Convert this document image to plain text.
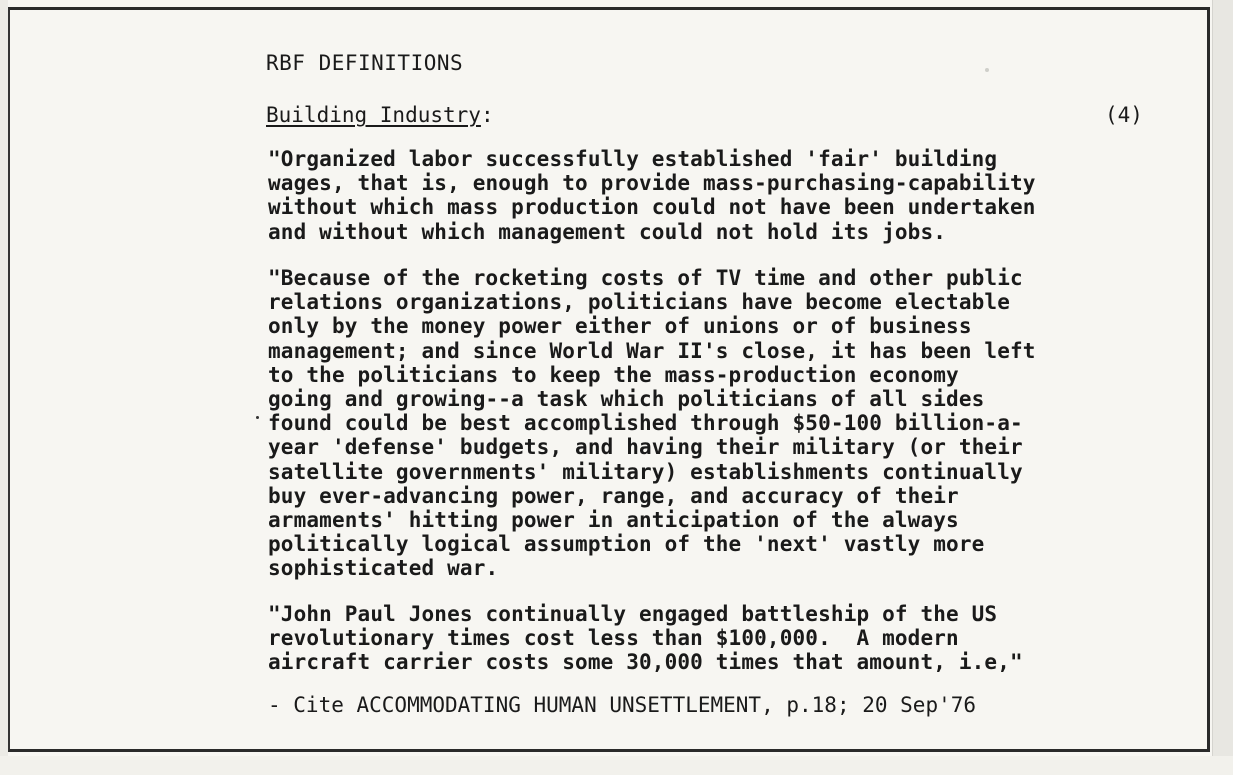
RBF DEFINITIONS
Building Industry:	(4)
"Organized labor successfully established 'fair' building
wages, that is, enough to provide mass-purchasing-capability
without which mass production could not have been undertaken
and without which management could not hold its jobs.
"Because of the rocketing costs of TV time and other public
relations organizations, politicians have become electable
only by the money power either of unions or of business
management; and since World War II's close, it has been left
to the politicians to keep the mass-production economy
going and growing--a task which politicians of all sides
found could be best accomplished through $50-100 billion-a-
year 'defense' budgets, and having their military (or their
satellite governments' military) establishments continually
buy ever-advancing power, range, and accuracy of their
armaments' hitting power in anticipation of the always
politically logical assumption of the 'next' vastly more
sophisticated war.
"John Paul Jones continually engaged battleship of the US
revolutionary times cost less than $100,000.  A modern
aircraft carrier costs some 30,000 times that amount, i.e,"
- Cite ACCOMMODATING HUMAN UNSETTLEMENT, p.18; 20 Sep'76
